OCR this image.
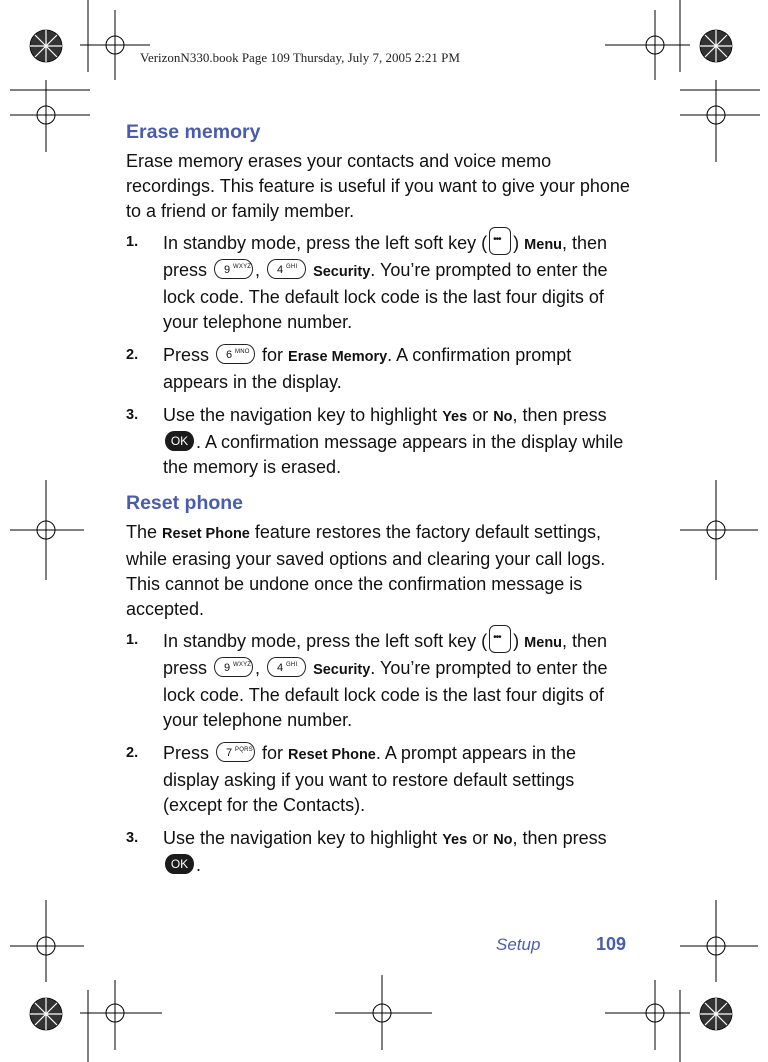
VerizonN330.book Page 109 Thursday, July 7, 2005 2:21 PM
Erase memory

Erase memory erases your contacts and voice memo recordings. This feature is useful if you want to give your phone to a friend or family member.

1. In standby mode, press the left soft key ( ••• ) Menu, then press 9 WXYZ , 4 GHI Security. You’re prompted to enter the lock code. The default lock code is the last four digits of your telephone number.
2. Press 6 MNO for Erase Memory. A confirmation prompt appears in the display.
3. Use the navigation key to highlight Yes or No, then press OK . A confirmation message appears in the display while the memory is erased.
Reset phone

The Reset Phone feature restores the factory default settings, while erasing your saved options and clearing your call logs. This cannot be undone once the confirmation message is accepted.

1. In standby mode, press the left soft key ( ••• ) Menu, then press 9 WXYZ , 4 GHI Security. You’re prompted to enter the lock code. The default lock code is the last four digits of your telephone number.
2. Press 7 PQRS for Reset Phone. A prompt appears in the display asking if you want to restore default settings (except for the Contacts).
3. Use the navigation key to highlight Yes or No, then press OK .
Setup	109
